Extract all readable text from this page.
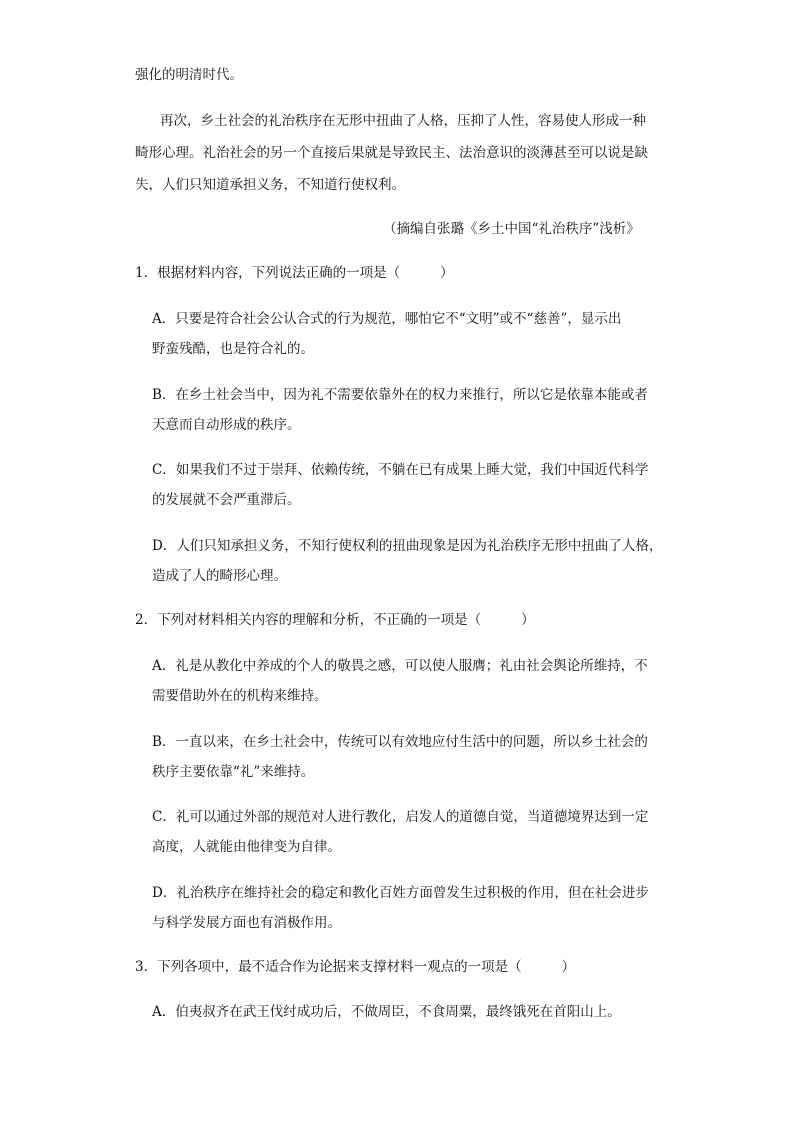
强化的明清时代。
再次，乡土社会的礼治秩序在无形中扭曲了人格，压抑了人性，容易使人形成一种
畸形心理。礼治社会的另一个直接后果就是导致民主、法治意识的淡薄甚至可以说是缺
失，人们只知道承担义务，不知道行使权利。
（摘编自张璐《乡土中国“礼治秩序”浅析》
1．根据材料内容，下列说法正确的一项是（	）
A．只要是符合社会公认合式的行为规范，哪怕它不“文明”或不“慈善”，显示出
野蛮残酷，也是符合礼的。
B．在乡土社会当中，因为礼不需要依靠外在的权力来推行，所以它是依靠本能或者
天意而自动形成的秩序。
C．如果我们不过于崇拜、依赖传统，不躺在已有成果上睡大觉，我们中国近代科学
的发展就不会严重滞后。
D．人们只知承担义务，不知行使权利的扭曲现象是因为礼治秩序无形中扭曲了人格，
造成了人的畸形心理。
2．下列对材料相关内容的理解和分析，不正确的一项是（	）
A．礼是从教化中养成的个人的敬畏之感，可以使人服膺；礼由社会舆论所维持，不
需要借助外在的机构来维持。
B．一直以来，在乡土社会中，传统可以有效地应付生活中的问题，所以乡土社会的
秩序主要依靠“礼”来维持。
C．礼可以通过外部的规范对人进行教化，启发人的道德自觉，当道德境界达到一定
高度，人就能由他律变为自律。
D．礼治秩序在维持社会的稳定和教化百姓方面曾发生过积极的作用，但在社会进步
与科学发展方面也有消极作用。
3．下列各项中，最不适合作为论据来支撑材料一观点的一项是（	）
A．伯夷叔齐在武王伐纣成功后，不做周臣，不食周粟，最终饿死在首阳山上。
